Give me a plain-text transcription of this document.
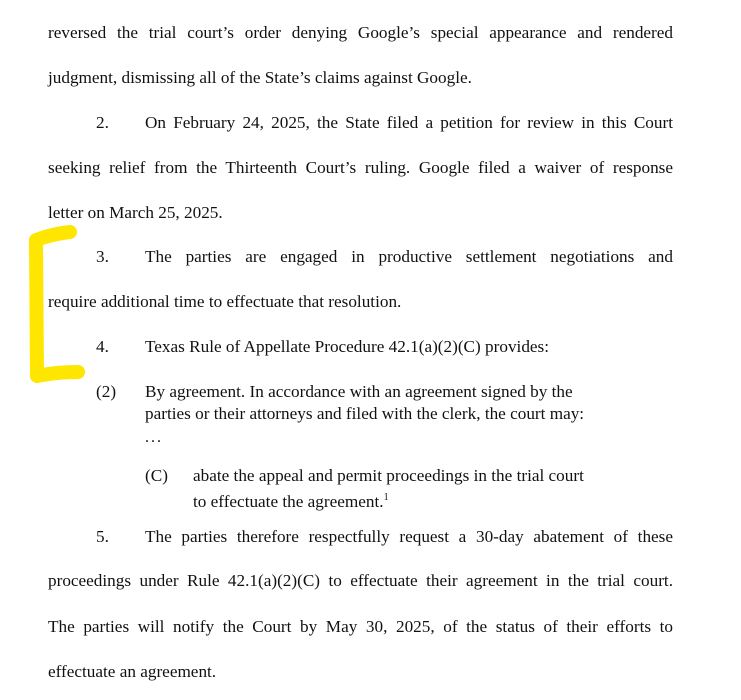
reversed the trial court’s order denying Google’s special appearance and rendered
judgment, dismissing all of the State’s claims against Google.
2. On February 24, 2025, the State filed a petition for review in this Court
seeking relief from the Thirteenth Court’s ruling. Google filed a waiver of response
letter on March 25, 2025.
3. The parties are engaged in productive settlement negotiations and
require additional time to effectuate that resolution.
4. Texas Rule of Appellate Procedure 42.1(a)(2)(C) provides:
(2) By agreement. In accordance with an agreement signed by the
parties or their attorneys and filed with the clerk, the court may:
...
(C) abate the appeal and permit proceedings in the trial court
to effectuate the agreement.$^1$
5. The parties therefore respectfully request a 30-day abatement of these
proceedings under Rule 42.1(a)(2)(C) to effectuate their agreement in the trial court.
The parties will notify the Court by May 30, 2025, of the status of their efforts to
effectuate an agreement.
